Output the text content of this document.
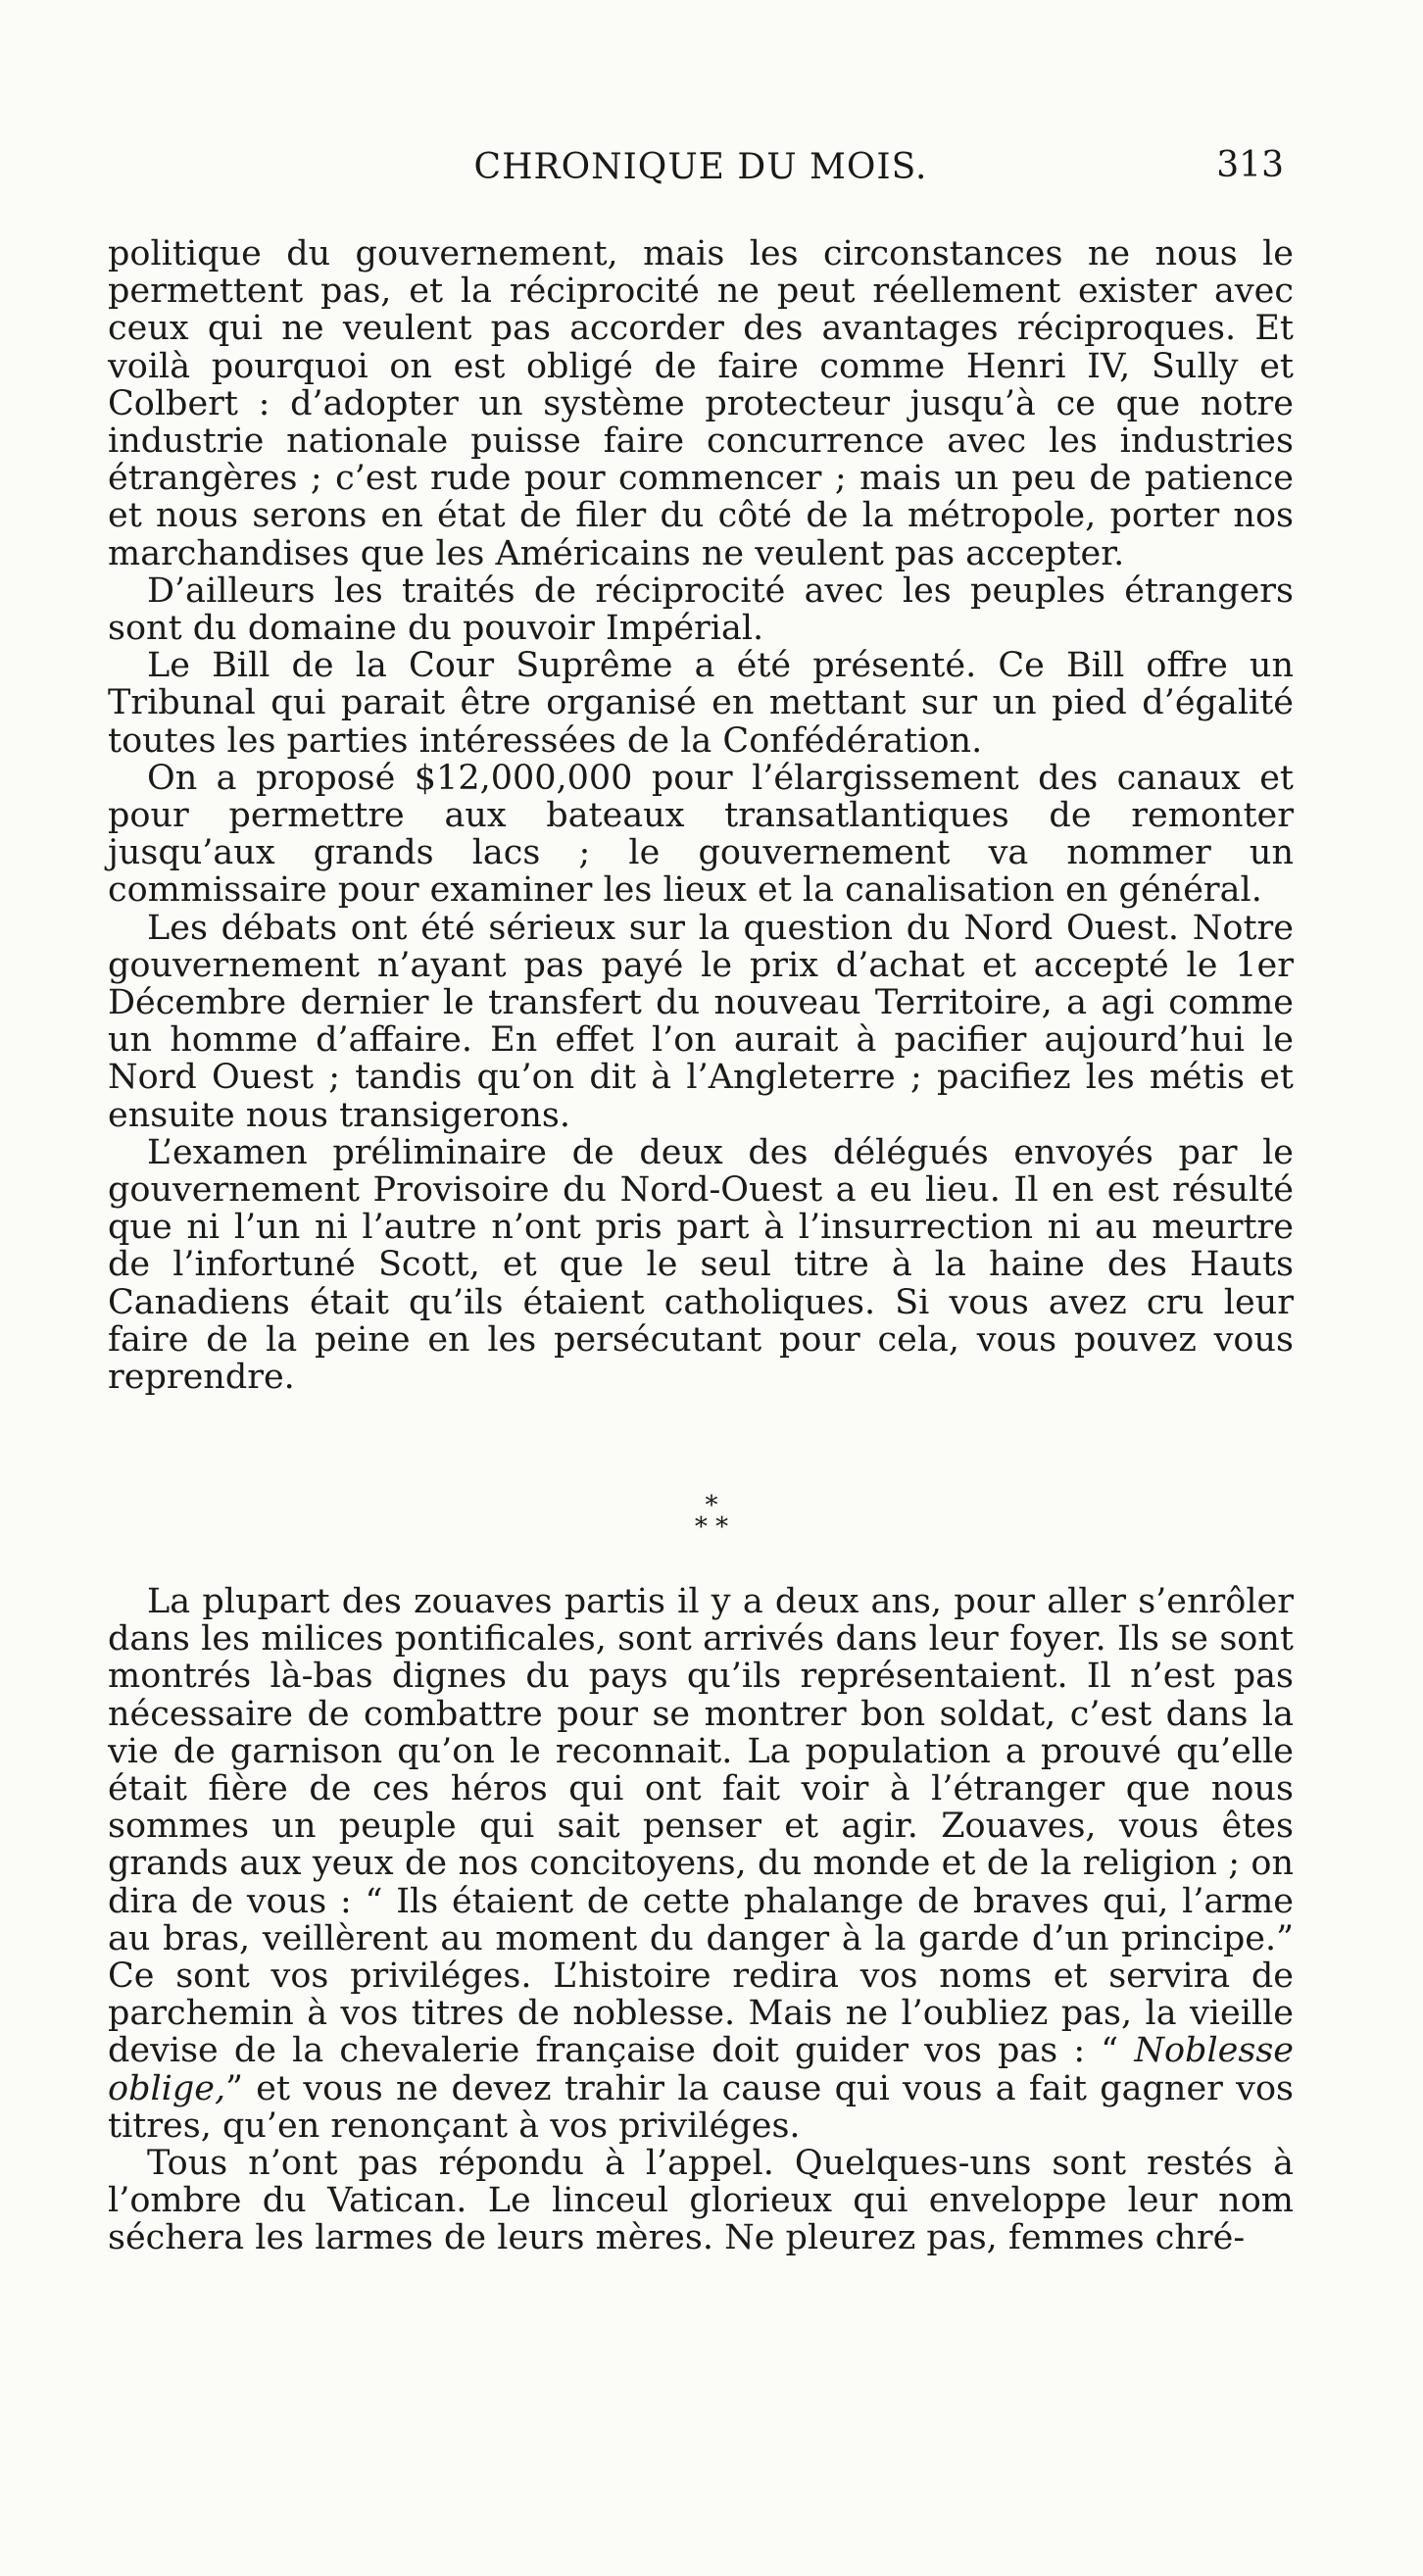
CHRONIQUE DU MOIS.	313

politique du gouvernement, mais les circonstances ne nous le permettent pas, et la réciprocité ne peut réellement exister avec ceux qui ne veulent pas accorder des avantages réciproques. Et voilà pourquoi on est obligé de faire comme Henri IV, Sully et Colbert : d’adopter un système protecteur jusqu’à ce que notre industrie nationale puisse faire concurrence avec les industries étrangères ; c’est rude pour commencer ; mais un peu de patience et nous serons en état de filer du côté de la métropole, porter nos marchandises que les Américains ne veulent pas accepter.

D’ailleurs les traités de réciprocité avec les peuples étrangers sont du domaine du pouvoir Impérial.

Le Bill de la Cour Suprême a été présenté. Ce Bill offre un Tribunal qui parait être organisé en mettant sur un pied d’égalité toutes les parties intéressées de la Confédération.

On a proposé $12,000,000 pour l’élargissement des canaux et pour permettre aux bateaux transatlantiques de remonter jusqu’aux grands lacs ; le gouvernement va nommer un commissaire pour examiner les lieux et la canalisation en général.

Les débats ont été sérieux sur la question du Nord Ouest. Notre gouvernement n’ayant pas payé le prix d’achat et accepté le 1er Décembre dernier le transfert du nouveau Territoire, a agi comme un homme d’affaire. En effet l’on aurait à pacifier aujourd’hui le Nord Ouest ; tandis qu’on dit à l’Angleterre ; pacifiez les métis et ensuite nous transigerons.

L’examen préliminaire de deux des délégués envoyés par le gouvernement Provisoire du Nord-Ouest a eu lieu. Il en est résulté que ni l’un ni l’autre n’ont pris part à l’insurrection ni au meurtre de l’infortuné Scott, et que le seul titre à la haine des Hauts Canadiens était qu’ils étaient catholiques. Si vous avez cru leur faire de la peine en les persécutant pour cela, vous pouvez vous reprendre.

*
* *

La plupart des zouaves partis il y a deux ans, pour aller s’enrôler dans les milices pontificales, sont arrivés dans leur foyer. Ils se sont montrés là-bas dignes du pays qu’ils représentaient. Il n’est pas nécessaire de combattre pour se montrer bon soldat, c’est dans la vie de garnison qu’on le reconnait. La population a prouvé qu’elle était fière de ces héros qui ont fait voir à l’étranger que nous sommes un peuple qui sait penser et agir. Zouaves, vous êtes grands aux yeux de nos concitoyens, du monde et de la religion ; on dira de vous : “ Ils étaient de cette phalange de braves qui, l’arme au bras, veillèrent au moment du danger à la garde d’un principe.” Ce sont vos priviléges. L’histoire redira vos noms et servira de parchemin à vos titres de noblesse. Mais ne l’oubliez pas, la vieille devise de la chevalerie française doit guider vos pas : “ Noblesse oblige,” et vous ne devez trahir la cause qui vous a fait gagner vos titres, qu’en renonçant à vos priviléges.

Tous n’ont pas répondu à l’appel. Quelques-uns sont restés à l’ombre du Vatican. Le linceul glorieux qui enveloppe leur nom séchera les larmes de leurs mères. Ne pleurez pas, femmes chré-
